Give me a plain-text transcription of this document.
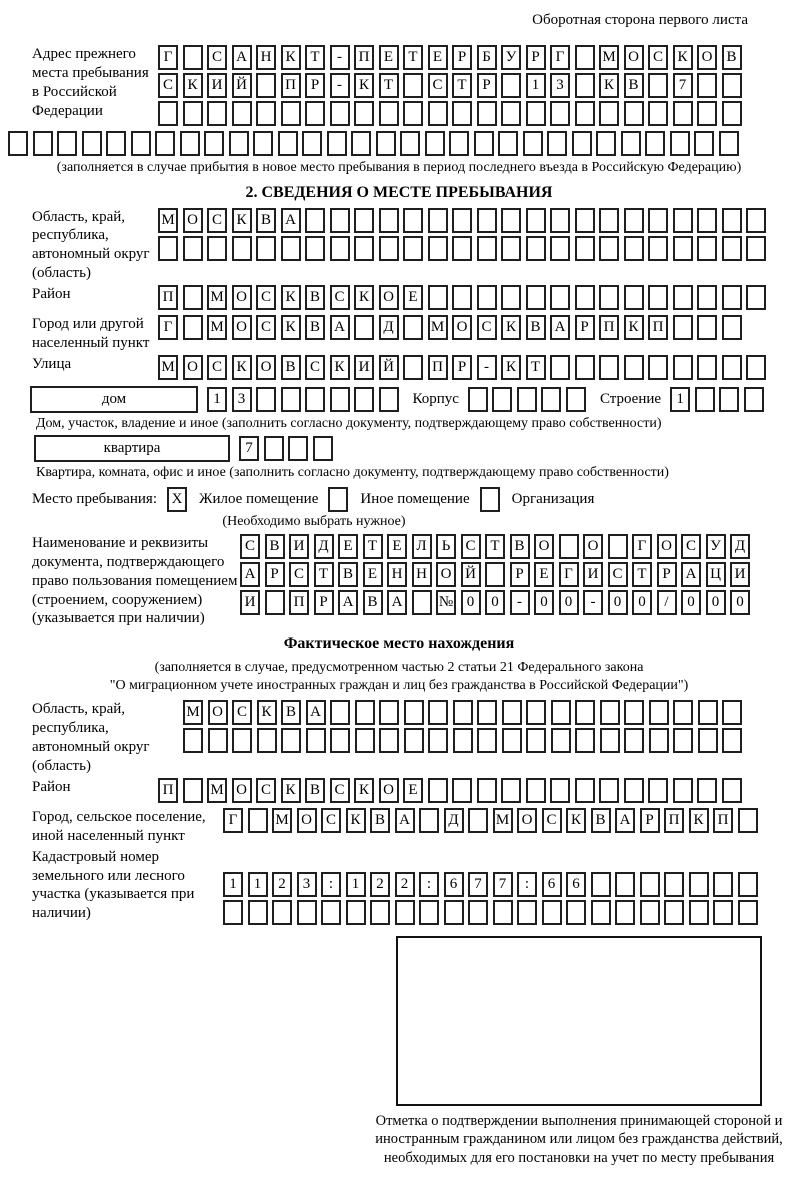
Оборотная сторона первого листа
Адрес прежнего места пребывания в Российской Федерации
Г	С А Н К Т	-	П Е	Т	Е	Р	Б У	Р	Г	М О С К О В
С К И Й	П Р	-	К Т	С Т	Р	1	3	К В	7
(заполняется в случае прибытия в новое место пребывания в период последнего въезда в Российскую Федерацию)
2. СВЕДЕНИЯ О МЕСТЕ ПРЕБЫВАНИЯ
Область, край, республика, автономный округ (область)
М О С К В А
Район	П	М О С К В С К О Е
Город или другой населенный пункт
Г	М О С К В А	Д	М О С К В А Р П К П
Улица	М О С К О В С К И Й	П Р	-	К Т
дом	1	3	Корпус	Строение	1
Дом, участок, владение и иное (заполнить согласно документу, подтверждающему право собственности)
квартира	7
Квартира, комната, офис и иное (заполнить согласно документу, подтверждающему право собственности)
Место пребывания: X	Жилое помещение	Иное помещение	Организация
(Необходимо выбрать нужное)
Наименование и реквизиты документа, подтверждающего право пользования помещением (строением, сооружением) (указывается при наличии)
С В И Д Е	Т	Е Л	Ь	С Т В О	О	Г О С У Д
А Р	С Т В Е Н Н О Й	Р	Е	Г И С Т	Р А Ц И
И	П Р А В А	№ 0	0	-	0	0	-	0	0	/	0	0	0
Фактическое место нахождения
(заполняется в случае, предусмотренном частью 2 статьи 21 Федерального закона
"О миграционном учете иностранных граждан и лиц без гражданства в Российской Федерации")
Область, край, республика, автономный округ (область)
М О С К В А
Район	П	М О С К В С К О Е
Город, сельское поселение, иной населенный пункт
Г	М О С К В А	Д	М О С К В А Р П К П
Кадастровый номер земельного или лесного участка (указывается при наличии)
1	1	2	3	:	1	2	2	:	6	7	7	:	6	6
Отметка о подтверждении выполнения принимающей стороной и иностранным гражданином или лицом без гражданства действий, необходимых для его постановки на учет по месту пребывания
